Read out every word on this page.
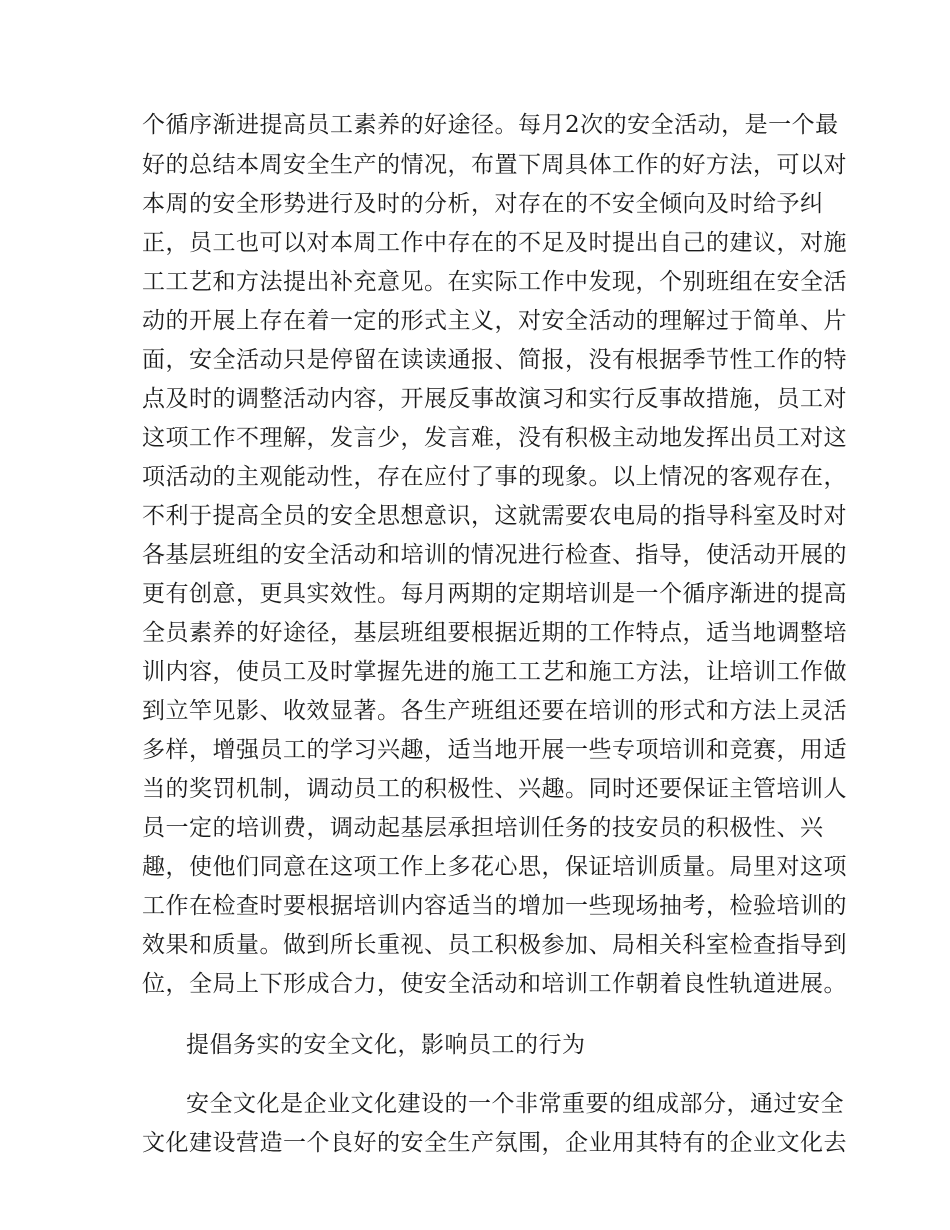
个循序渐进提高员工素养的好途径。每月2次的安全活动，是一个最
好的总结本周安全生产的情况，布置下周具体工作的好方法，可以对
本周的安全形势进行及时的分析，对存在的不安全倾向及时给予纠
正，员工也可以对本周工作中存在的不足及时提出自己的建议，对施
工工艺和方法提出补充意见。在实际工作中发现，个别班组在安全活
动的开展上存在着一定的形式主义，对安全活动的理解过于简单、片
面，安全活动只是停留在读读通报、简报，没有根据季节性工作的特
点及时的调整活动内容，开展反事故演习和实行反事故措施，员工对
这项工作不理解，发言少，发言难，没有积极主动地发挥出员工对这
项活动的主观能动性，存在应付了事的现象。以上情况的客观存在，
不利于提高全员的安全思想意识，这就需要农电局的指导科室及时对
各基层班组的安全活动和培训的情况进行检查、指导，使活动开展的
更有创意，更具实效性。每月两期的定期培训是一个循序渐进的提高
全员素养的好途径，基层班组要根据近期的工作特点，适当地调整培
训内容，使员工及时掌握先进的施工工艺和施工方法，让培训工作做
到立竿见影、收效显著。各生产班组还要在培训的形式和方法上灵活
多样，增强员工的学习兴趣，适当地开展一些专项培训和竞赛，用适
当的奖罚机制，调动员工的积极性、兴趣。同时还要保证主管培训人
员一定的培训费，调动起基层承担培训任务的技安员的积极性、兴
趣，使他们同意在这项工作上多花心思，保证培训质量。局里对这项
工作在检查时要根据培训内容适当的增加一些现场抽考，检验培训的
效果和质量。做到所长重视、员工积极参加、局相关科室检查指导到
位，全局上下形成合力，使安全活动和培训工作朝着良性轨道进展。
提倡务实的安全文化，影响员工的行为
安全文化是企业文化建设的一个非常重要的组成部分，通过安全
文化建设营造一个良好的安全生产氛围，企业用其特有的企业文化去
